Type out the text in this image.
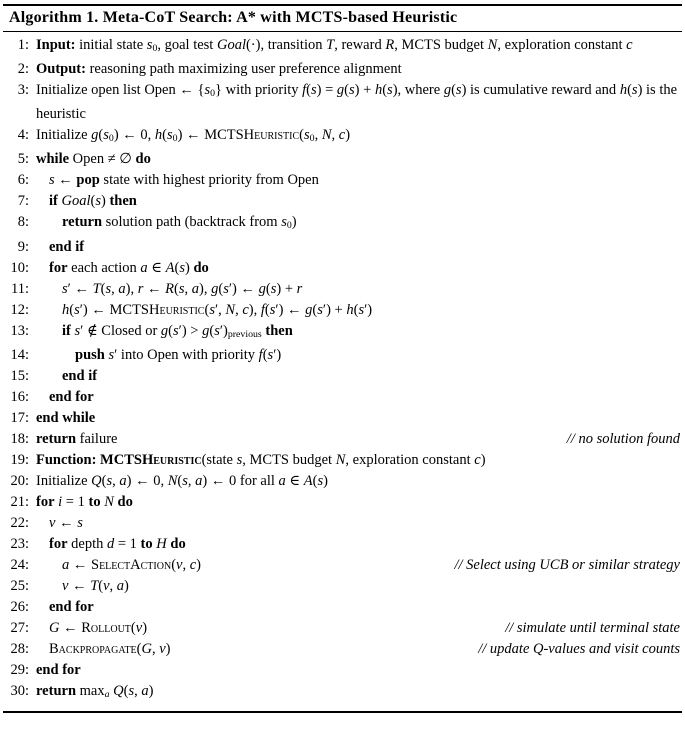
Algorithm 1. Meta-CoT Search: A* with MCTS-based Heuristic
1: Input: initial state $s_0$, goal test Goal(·), transition T, reward R, MCTS budget N, exploration constant c
2: Output: reasoning path maximizing user preference alignment
3: Initialize open list Open ← $\{s_0\}$ with priority f(s) = g(s) + h(s), where g(s) is cumulative reward and h(s) is the heuristic
4: Initialize $g(s_0)$ ← 0, $h(s_0)$ ← $MCTSHeuristic(s_0$, N, c)
5: while Open ≠ ∅ do
6:	s ← pop state with highest priority from Open
7:	if Goal(s) then
8:	return solution path (backtrack from $s_0$)
9:	end if
10:	for each action a ∈ A(s) do
11:	s′ ← T(s, a), r ← R(s, a), g(s′) ← g(s) + r
12:	h(s′) ← MCTSHeuristic(s′, N, c), f(s′) ← g(s′) + h(s′)
13:	if s′ ∉ Closed or $g(s') > g(s')_{previous}$ then
14:	push s′ into Open with priority f(s′)
15:	end if
16:	end for
17: end while
18: return failure	// no solution found
19: Function: MCTSHeuristic(state s, MCTS budget N, exploration constant c)
20: Initialize Q(s, a) ← 0, N(s, a) ← 0 for all a ∈ A(s)
21: for i = 1 to N do
22:	v ← s
23:	for depth d = 1 to H do
24:	a ← SelectAction(v, c)	// Select using UCB or similar strategy
25:	v ← T(v, a)
26:	end for
27:	G ← Rollout(v)	// simulate until terminal state
28:	Backpropagate(G, v)	// update Q-values and visit counts
29: end for
30: return $\max_a Q(s$, a)
